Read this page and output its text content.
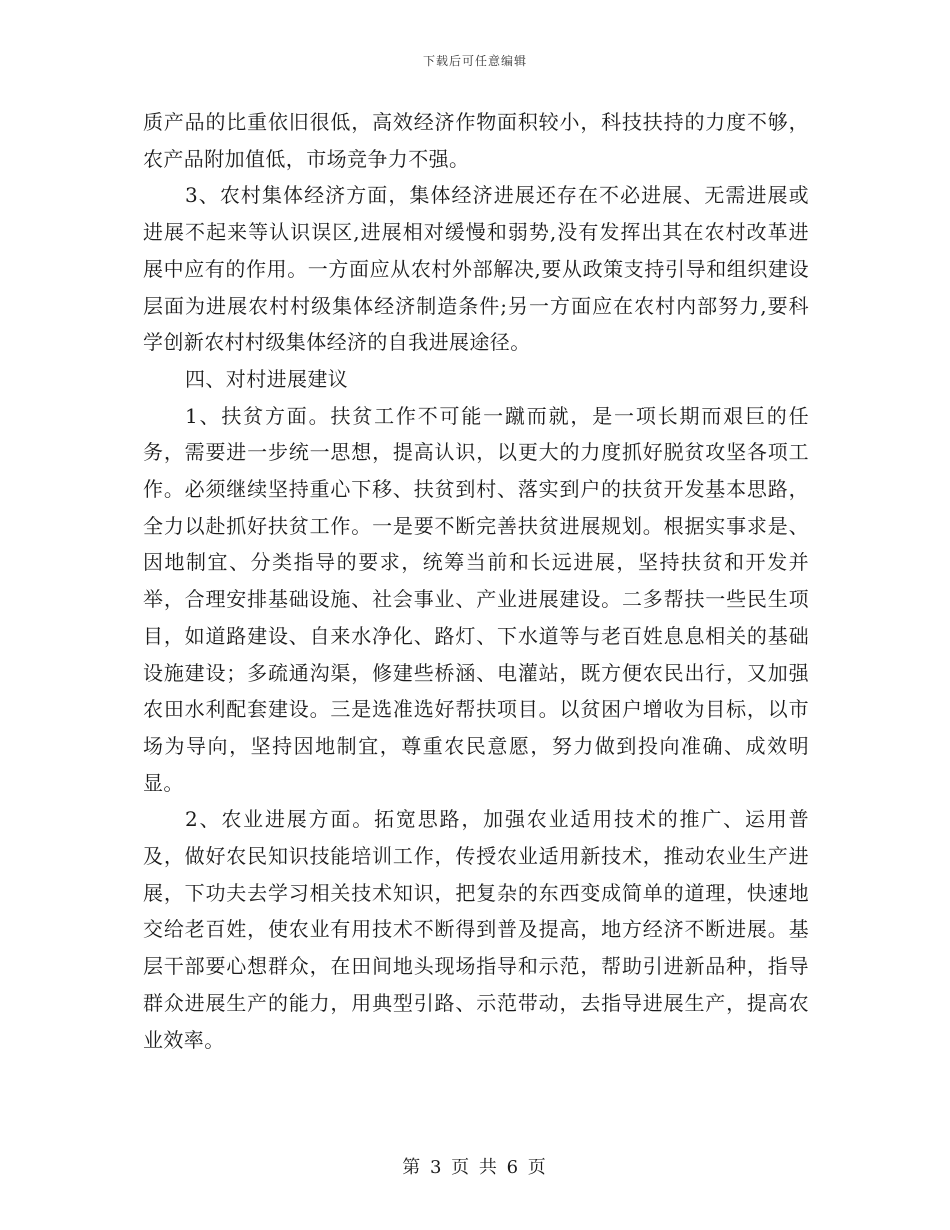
下载后可任意编辑

质产品的比重依旧很低，高效经济作物面积较小，科技扶持的力度不够，农产品附加值低，市场竞争力不强。

3、农村集体经济方面，集体经济进展还存在不必进展、无需进展或进展不起来等认识误区,进展相对缓慢和弱势,没有发挥出其在农村改革进展中应有的作用。一方面应从农村外部解决,要从政策支持引导和组织建设层面为进展农村村级集体经济制造条件;另一方面应在农村内部努力,要科学创新农村村级集体经济的自我进展途径。

四、对村进展建议

1、扶贫方面。扶贫工作不可能一蹴而就，是一项长期而艰巨的任务，需要进一步统一思想，提高认识，以更大的力度抓好脱贫攻坚各项工作。必须继续坚持重心下移、扶贫到村、落实到户的扶贫开发基本思路，全力以赴抓好扶贫工作。一是要不断完善扶贫进展规划。根据实事求是、因地制宜、分类指导的要求，统筹当前和长远进展，坚持扶贫和开发并举，合理安排基础设施、社会事业、产业进展建设。二多帮扶一些民生项目，如道路建设、自来水净化、路灯、下水道等与老百姓息息相关的基础设施建设；多疏通沟渠，修建些桥涵、电灌站，既方便农民出行，又加强农田水利配套建设。三是选准选好帮扶项目。以贫困户增收为目标，以市场为导向，坚持因地制宜，尊重农民意愿，努力做到投向准确、成效明显。

2、农业进展方面。拓宽思路，加强农业适用技术的推广、运用普及，做好农民知识技能培训工作，传授农业适用新技术，推动农业生产进展，下功夫去学习相关技术知识，把复杂的东西变成简单的道理，快速地交给老百姓，使农业有用技术不断得到普及提高，地方经济不断进展。基层干部要心想群众，在田间地头现场指导和示范，帮助引进新品种，指导群众进展生产的能力，用典型引路、示范带动，去指导进展生产，提高农业效率。

第 3 页 共 6 页
